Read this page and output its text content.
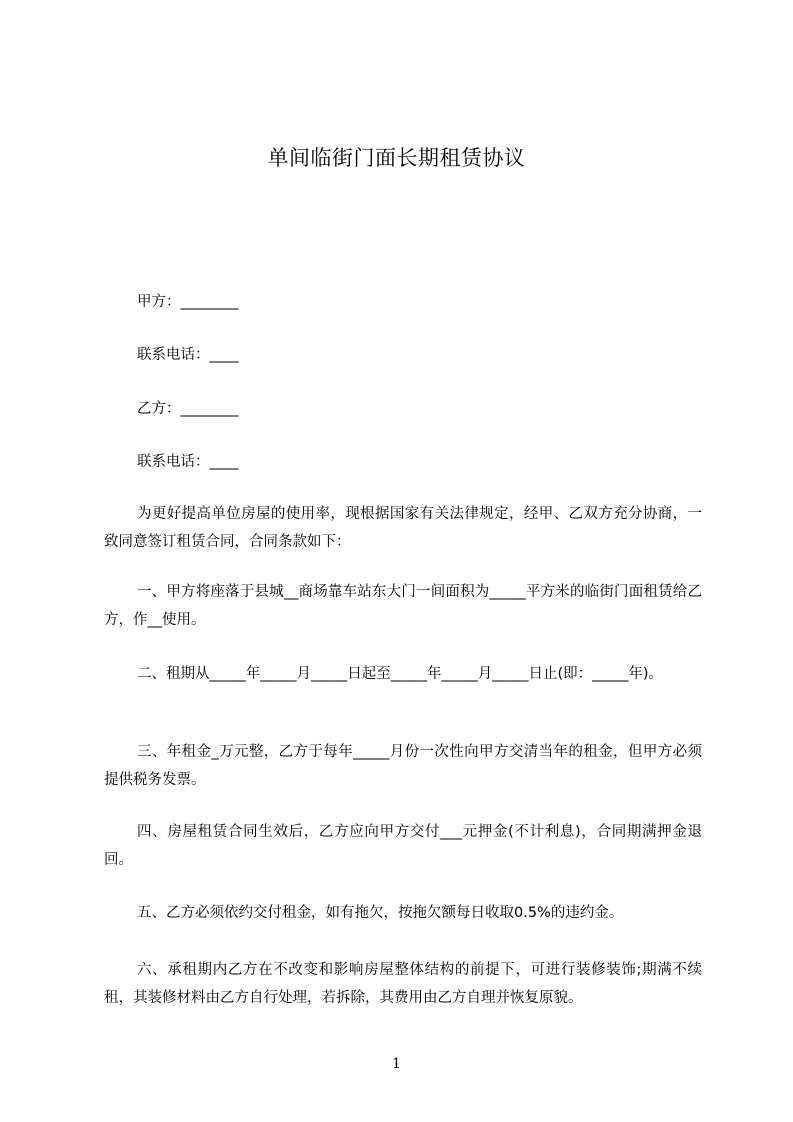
单间临街门面长期租赁协议
甲方：________
联系电话：____
乙方：________
联系电话：____
为更好提高单位房屋的使用率，现根据国家有关法律规定，经甲、乙双方充分协商，一致同意签订租赁合同，合同条款如下：
一、甲方将座落于县城__商场靠车站东大门一间面积为_____平方米的临街门面租赁给乙方，作__使用。
二、租期从_____年_____月_____日起至_____年_____月_____日止(即：_____年)。
三、年租金_万元整，乙方于每年_____月份一次性向甲方交清当年的租金，但甲方必须提供税务发票。
四、房屋租赁合同生效后，乙方应向甲方交付___元押金(不计利息)，合同期满押金退回。
五、乙方必须依约交付租金，如有拖欠，按拖欠额每日收取0.5%的违约金。
六、承租期内乙方在不改变和影响房屋整体结构的前提下，可进行装修装饰;期满不续租，其装修材料由乙方自行处理，若拆除，其费用由乙方自理并恢复原貌。
1
